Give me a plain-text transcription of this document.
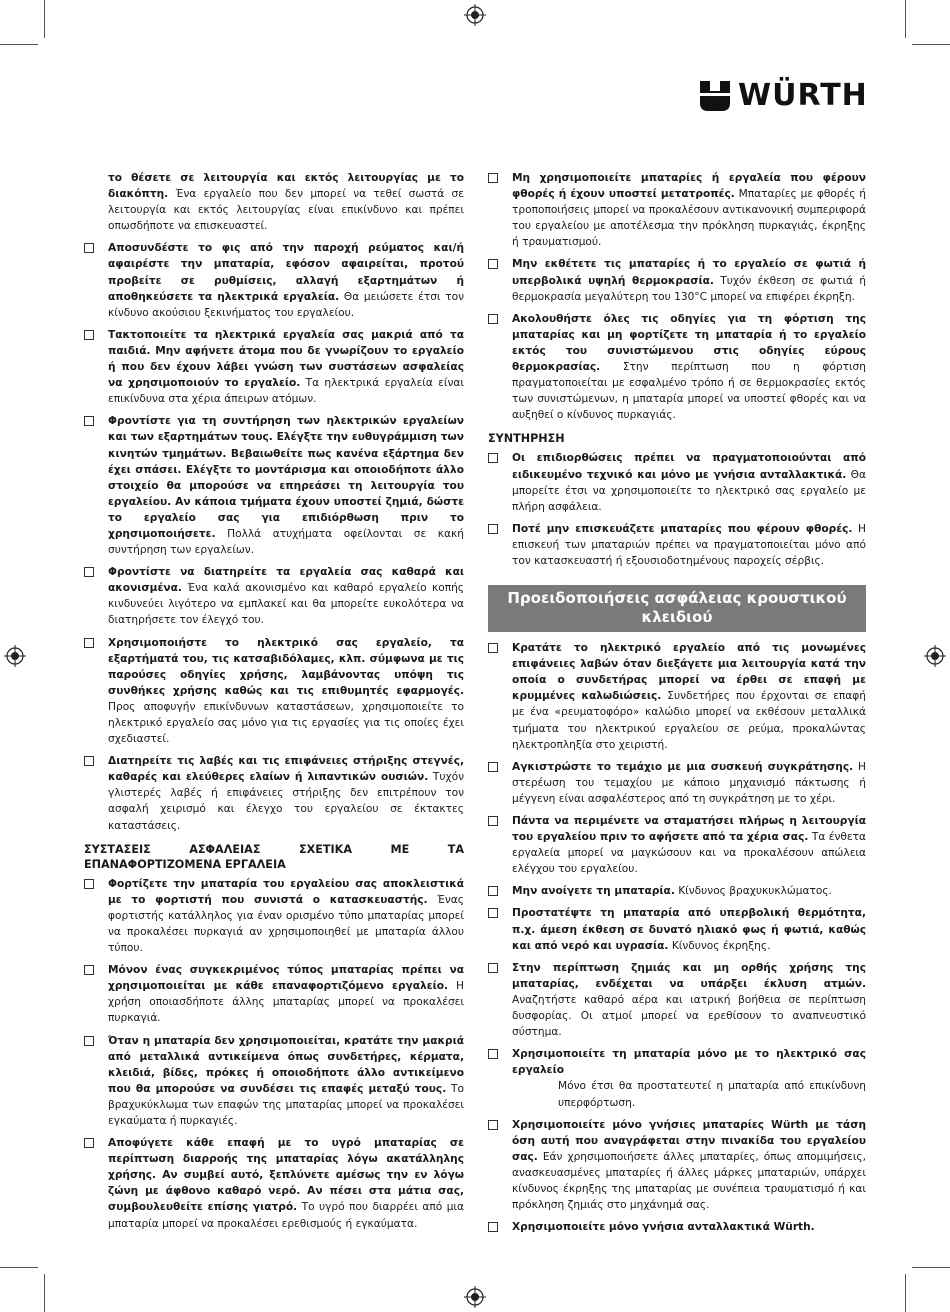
WÜRTH
το θέσετε σε λειτουργία και εκτός λειτουργίας με το διακόπτη. Ένα εργαλείο που δεν μπορεί να τεθεί σωστά σε λειτουργία και εκτός λειτουργίας είναι επικίνδυνο και πρέπει οπωσδήποτε να επισκευαστεί.
Αποσυνδέστε το φις από την παροχή ρεύματος και/ή αφαιρέστε την μπαταρία, εφόσον αφαιρείται, προτού προβείτε σε ρυθμίσεις, αλλαγή εξαρτημάτων ή αποθηκεύσετε τα ηλεκτρικά εργαλεία. Θα μειώσετε έτσι τον κίνδυνο ακούσιου ξεκινήματος του εργαλείου.
Τακτοποιείτε τα ηλεκτρικά εργαλεία σας μακριά από τα παιδιά. Μην αφήνετε άτομα που δε γνωρίζουν το εργαλείο ή που δεν έχουν λάβει γνώση των συστάσεων ασφαλείας να χρησιμοποιούν το εργαλείο. Τα ηλεκτρικά εργαλεία είναι επικίνδυνα στα χέρια άπειρων ατόμων.
Φροντίστε για τη συντήρηση των ηλεκτρικών εργαλείων και των εξαρτημάτων τους. Ελέγξτε την ευθυγράμμιση των κινητών τμημάτων. Βεβαιωθείτε πως κανένα εξάρτημα δεν έχει σπάσει. Ελέγξτε το μοντάρισμα και οποιοδήποτε άλλο στοιχείο θα μπορούσε να επηρεάσει τη λειτουργία του εργαλείου. Αν κάποια τμήματα έχουν υποστεί ζημιά, δώστε το εργαλείο σας για επιδιόρθωση πριν το χρησιμοποιήσετε. Πολλά ατυχήματα οφείλονται σε κακή συντήρηση των εργαλείων.
Φροντίστε να διατηρείτε τα εργαλεία σας καθαρά και ακονισμένα. Ένα καλά ακονισμένο και καθαρό εργαλείο κοπής κινδυνεύει λιγότερο να εμπλακεί και θα μπορείτε ευκολότερα να διατηρήσετε τον έλεγχό του.
Χρησιμοποιήστε το ηλεκτρικό σας εργαλείο, τα εξαρτήματά του, τις κατσαβιδόλαμες, κλπ. σύμφωνα με τις παρούσες οδηγίες χρήσης, λαμβάνοντας υπόψη τις συνθήκες χρήσης καθώς και τις επιθυμητές εφαρμογές. Προς αποφυγήν επικίνδυνων καταστάσεων, χρησιμοποιείτε το ηλεκτρικό εργαλείο σας μόνο για τις εργασίες για τις οποίες έχει σχεδιαστεί.
Διατηρείτε τις λαβές και τις επιφάνειες στήριξης στεγνές, καθαρές και ελεύθερες ελαίων ή λιπαντικών ουσιών. Τυχόν γλιστερές λαβές ή επιφάνειες στήριξης δεν επιτρέπουν τον ασφαλή χειρισμό και έλεγχο του εργαλείου σε έκτακτες καταστάσεις.
ΣΥΣΤΑΣΕΙΣ ΑΣΦΑΛΕΙΑΣ ΣΧΕΤΙΚΑ ΜΕ ΤΑ
ΕΠΑΝΑΦΟΡΤΙΖΟΜΕΝΑ ΕΡΓΑΛΕΙΑ
Φορτίζετε την μπαταρία του εργαλείου σας αποκλειστικά με το φορτιστή που συνιστά ο κατασκευαστής. Ένας φορτιστής κατάλληλος για έναν ορισμένο τύπο μπαταρίας μπορεί να προκαλέσει πυρκαγιά αν χρησιμοποιηθεί με μπαταρία άλλου τύπου.
Μόνον ένας συγκεκριμένος τύπος μπαταρίας πρέπει να χρησιμοποιείται με κάθε επαναφορτιζόμενο εργαλείο. Η χρήση οποιασδήποτε άλλης μπαταρίας μπορεί να προκαλέσει πυρκαγιά.
Όταν η μπαταρία δεν χρησιμοποιείται, κρατάτε την μακριά από μεταλλικά αντικείμενα όπως συνδετήρες, κέρματα, κλειδιά, βίδες, πρόκες ή οποιοδήποτε άλλο αντικείμενο που θα μπορούσε να συνδέσει τις επαφές μεταξύ τους. Το βραχυκύκλωμα των επαφών της μπαταρίας μπορεί να προκαλέσει εγκαύματα ή πυρκαγιές.
Αποφύγετε κάθε επαφή με το υγρό μπαταρίας σε περίπτωση διαρροής της μπαταρίας λόγω ακατάλληλης χρήσης. Αν συμβεί αυτό, ξεπλύνετε αμέσως την εν λόγω ζώνη με άφθονο καθαρό νερό. Αν πέσει στα μάτια σας, συμβουλευθείτε επίσης γιατρό. Το υγρό που διαρρέει από μια μπαταρία μπορεί να προκαλέσει ερεθισμούς ή εγκαύματα.
Μη χρησιμοποιείτε μπαταρίες ή εργαλεία που φέρουν φθορές ή έχουν υποστεί μετατροπές. Μπαταρίες με φθορές ή τροποποιήσεις μπορεί να προκαλέσουν αντικανονική συμπεριφορά του εργαλείου με αποτέλεσμα την πρόκληση πυρκαγιάς, έκρηξης ή τραυματισμού.
Μην εκθέτετε τις μπαταρίες ή το εργαλείο σε φωτιά ή υπερβολικά υψηλή θερμοκρασία. Τυχόν έκθεση σε φωτιά ή θερμοκρασία μεγαλύτερη του 130°C μπορεί να επιφέρει έκρηξη.
Ακολουθήστε όλες τις οδηγίες για τη φόρτιση της μπαταρίας και μη φορτίζετε τη μπαταρία ή το εργαλείο εκτός του συνιστώμενου στις οδηγίες εύρους θερμοκρασίας. Στην περίπτωση που η φόρτιση πραγματοποιείται με εσφαλμένο τρόπο ή σε θερμοκρασίες εκτός των συνιστώμενων, η μπαταρία μπορεί να υποστεί φθορές και να αυξηθεί ο κίνδυνος πυρκαγιάς.
ΣΥΝΤΗΡΗΣΗ
Οι επιδιορθώσεις πρέπει να πραγματοποιούνται από ειδικευμένο τεχνικό και μόνο με γνήσια ανταλλακτικά. Θα μπορείτε έτσι να χρησιμοποιείτε το ηλεκτρικό σας εργαλείο με πλήρη ασφάλεια.
Ποτέ μην επισκευάζετε μπαταρίες που φέρουν φθορές. Η επισκευή των μπαταριών πρέπει να πραγματοποιείται μόνο από τον κατασκευαστή ή εξουσιοδοτημένους παροχείς σέρβις.
Προειδοποιήσεις ασφάλειας κρουστικού
κλειδιού
Κρατάτε το ηλεκτρικό εργαλείο από τις μονωμένες επιφάνειες λαβών όταν διεξάγετε μια λειτουργία κατά την οποία ο συνδετήρας μπορεί να έρθει σε επαφή με κρυμμένες καλωδιώσεις. Συνδετήρες που έρχονται σε επαφή με ένα «ρευματοφόρο» καλώδιο μπορεί να εκθέσουν μεταλλικά τμήματα του ηλεκτρικού εργαλείου σε ρεύμα, προκαλώντας ηλεκτροπληξία στο χειριστή.
Αγκιστρώστε το τεμάχιο με μια συσκευή συγκράτησης. Η στερέωση του τεμαχίου με κάποιο μηχανισμό πάκτωσης ή μέγγενη είναι ασφαλέστερος από τη συγκράτηση με το χέρι.
Πάντα να περιμένετε να σταματήσει πλήρως η λειτουργία του εργαλείου πριν το αφήσετε από τα χέρια σας. Τα ένθετα εργαλεία μπορεί να μαγκώσουν και να προκαλέσουν απώλεια ελέγχου του εργαλείου.
Μην ανοίγετε τη μπαταρία. Κίνδυνος βραχυκυκλώματος.
Προστατέψτε τη μπαταρία από υπερβολική θερμότητα, π.χ. άμεση έκθεση σε δυνατό ηλιακό φως ή φωτιά, καθώς και από νερό και υγρασία. Κίνδυνος έκρηξης.
Στην περίπτωση ζημιάς και μη ορθής χρήσης της μπαταρίας, ενδέχεται να υπάρξει έκλυση ατμών. Αναζητήστε καθαρό αέρα και ιατρική βοήθεια σε περίπτωση δυσφορίας. Οι ατμοί μπορεί να ερεθίσουν το αναπνευστικό σύστημα.
Χρησιμοποιείτε τη μπαταρία μόνο με το ηλεκτρικό σας εργαλείο
Μόνο έτσι θα προστατευτεί η μπαταρία από επικίνδυνη υπερφόρτωση.
Χρησιμοποιείτε μόνο γνήσιες μπαταρίες Würth με τάση όση αυτή που αναγράφεται στην πινακίδα του εργαλείου σας. Εάν χρησιμοποιήσετε άλλες μπαταρίες, όπως απομιμήσεις, ανασκευασμένες μπαταρίες ή άλλες μάρκες μπαταριών, υπάρχει κίνδυνος έκρηξης της μπαταρίας με συνέπεια τραυματισμό ή και πρόκληση ζημιάς στο μηχάνημά σας.
Χρησιμοποιείτε μόνο γνήσια ανταλλακτικά Würth.
